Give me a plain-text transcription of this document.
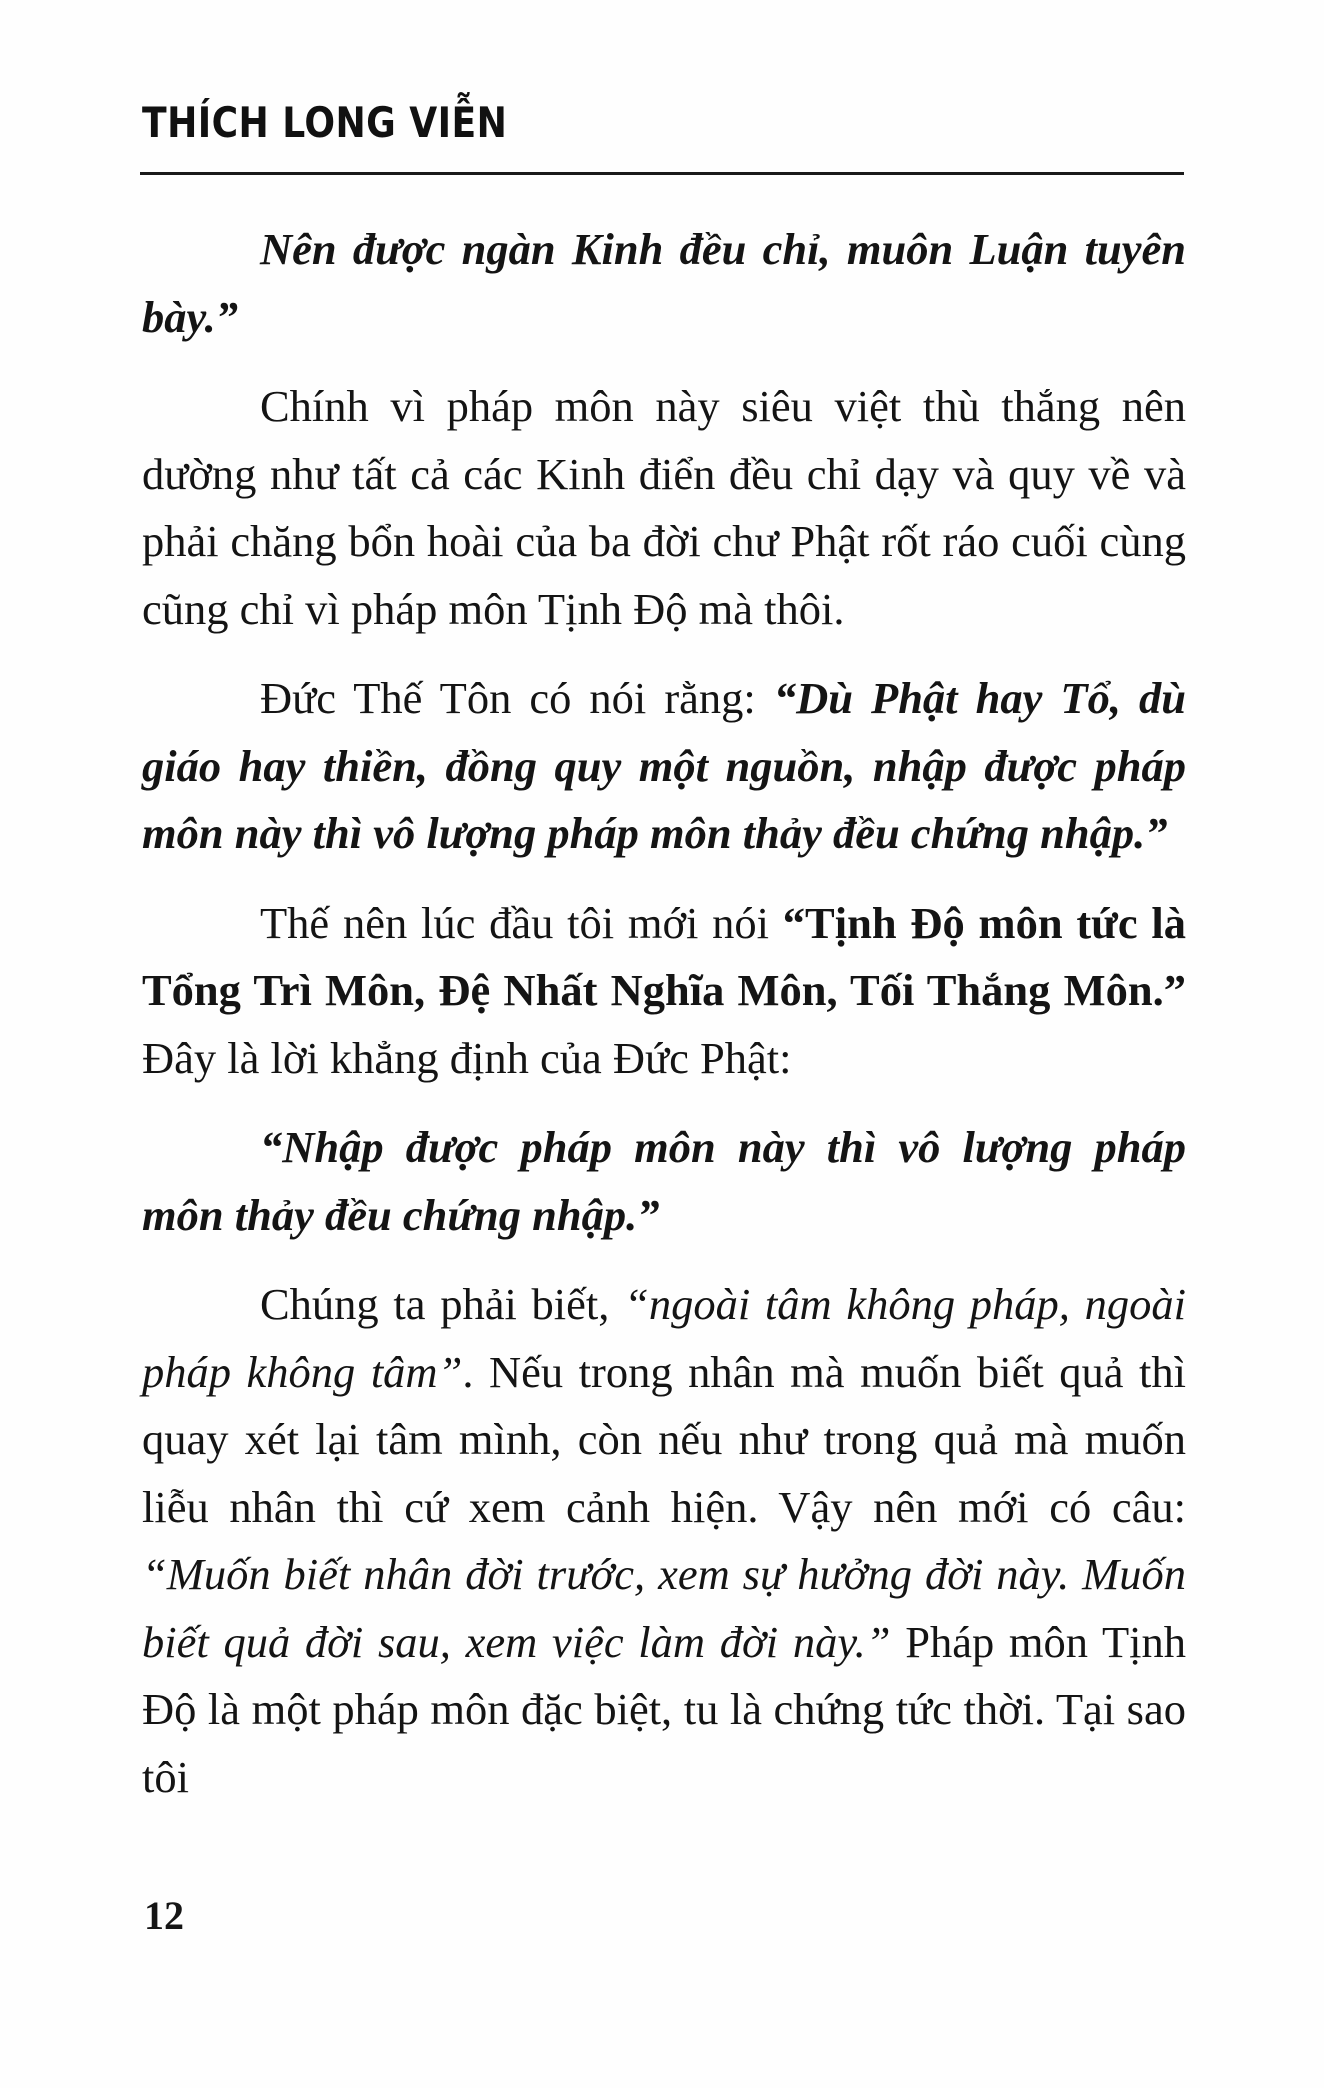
THÍCH LONG VIỄN

Nên được ngàn Kinh đều chỉ, muôn Luận tuyên bày.”

Chính vì pháp môn này siêu việt thù thắng nên dường như tất cả các Kinh điển đều chỉ dạy và quy về và phải chăng bổn hoài của ba đời chư Phật rốt ráo cuối cùng cũng chỉ vì pháp môn Tịnh Độ mà thôi.

Đức Thế Tôn có nói rằng: “Dù Phật hay Tổ, dù giáo hay thiền, đồng quy một nguồn, nhập được pháp môn này thì vô lượng pháp môn thảy đều chứng nhập.”

Thế nên lúc đầu tôi mới nói “Tịnh Độ môn tức là Tổng Trì Môn, Đệ Nhất Nghĩa Môn, Tối Thắng Môn.” Đây là lời khẳng định của Đức Phật:

“Nhập được pháp môn này thì vô lượng pháp môn thảy đều chứng nhập.”

Chúng ta phải biết, “ngoài tâm không pháp, ngoài pháp không tâm”. Nếu trong nhân mà muốn biết quả thì quay xét lại tâm mình, còn nếu như trong quả mà muốn liễu nhân thì cứ xem cảnh hiện. Vậy nên mới có câu: “Muốn biết nhân đời trước, xem sự hưởng đời này. Muốn biết quả đời sau, xem việc làm đời này.” Pháp môn Tịnh Độ là một pháp môn đặc biệt, tu là chứng tức thời. Tại sao tôi

12
